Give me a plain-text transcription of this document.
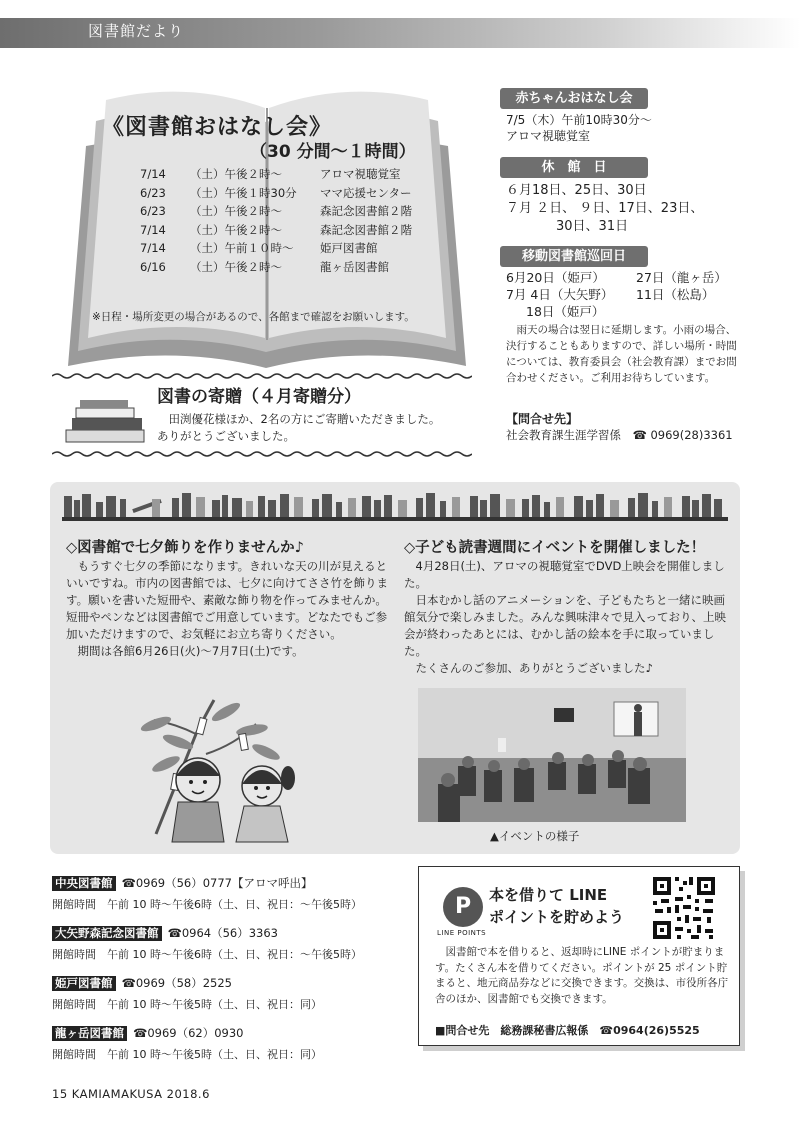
図書館だより
《図書館おはなし会》
（30 分間～１時間）
7/14 （土）午後２時～	アロマ視聴覚室
6/23 （土）午後１時30分 ママ応援センター
6/23 （土）午後２時～	森記念図書館２階
7/14 （土）午後２時～	森記念図書館２階
7/14 （土）午前１０時～ 姫戸図書館
6/16 （土）午後２時～	龍ヶ岳図書館
※日程・場所変更の場合があるので、各館まで確認をお願いします。
赤ちゃんおはなし会
7/5（木）午前10時30分～
アロマ視聴覚室
休　館　日
６月18日、25日、30日
７月 ２日、 ９日、17日、23日、
30日、31日
移動図書館巡回日
6月20日（姫戸） 27日（龍ヶ岳）
7月 4日（大矢野） 11日（松島）
18日（姫戸）
雨天の場合は翌日に延期します。小雨の場合、決行することもありますので、詳しい場所・時間については、教育委員会（社会教育課）までお問合わせください。ご利用お待ちしています。
【問合せ先】
社会教育課生涯学習係　☎ 0969(28)3361
図書の寄贈（４月寄贈分）
田渕優花様ほか、2名の方にご寄贈いただきました。
ありがとうございました。
◇図書館で七夕飾りを作りませんか♪

もうすぐ七夕の季節になります。きれいな天の川が見えるといいですね。市内の図書館では、七夕に向けてささ竹を飾ります。願いを書いた短冊や、素敵な飾り物を作ってみませんか。短冊やペンなどは図書館でご用意しています。どなたでもご参加いただけますので、お気軽にお立ち寄りください。

期間は各館6月26日(火)～7月7日(土)です。

◇子ども読書週間にイベントを開催しました！

4月28日(土)、アロマの視聴覚室でDVD上映会を開催しました。

日本むかし話のアニメーションを、子どもたちと一緒に映画館気分で楽しみました。みんな興味津々で見入っており、上映会が終わったあとには、むかし話の絵本を手に取っていました。

たくさんのご参加、ありがとうございました♪

▲イベントの様子
中央図書館 ☎0969（56）0777【アロマ呼出】
開館時間　午前 10 時～午後6時（土、日、祝日：～午後5時）
大矢野森記念図書館 ☎0964（56）3363
開館時間　午前 10 時～午後6時（土、日、祝日：～午後5時）
姫戸図書館 ☎0969（58）2525
開館時間　午前 10 時～午後5時（土、日、祝日：同）
龍ヶ岳図書館 ☎0969（62）0930
開館時間　午前 10 時～午後5時（土、日、祝日：同）
P
LINE POINTS
本を借りて LINE
ポイントを貯めよう
図書館で本を借りると、返却時にLINE ポイントが貯まります。たくさん本を借りてください。ポイントが 25 ポイント貯まると、地元商品券などに交換できます。交換は、市役所各庁舎のほか、図書館でも交換できます。
■問合せ先　総務課秘書広報係　☎0964(26)5525
15 KAMIAMAKUSA 2018.6
